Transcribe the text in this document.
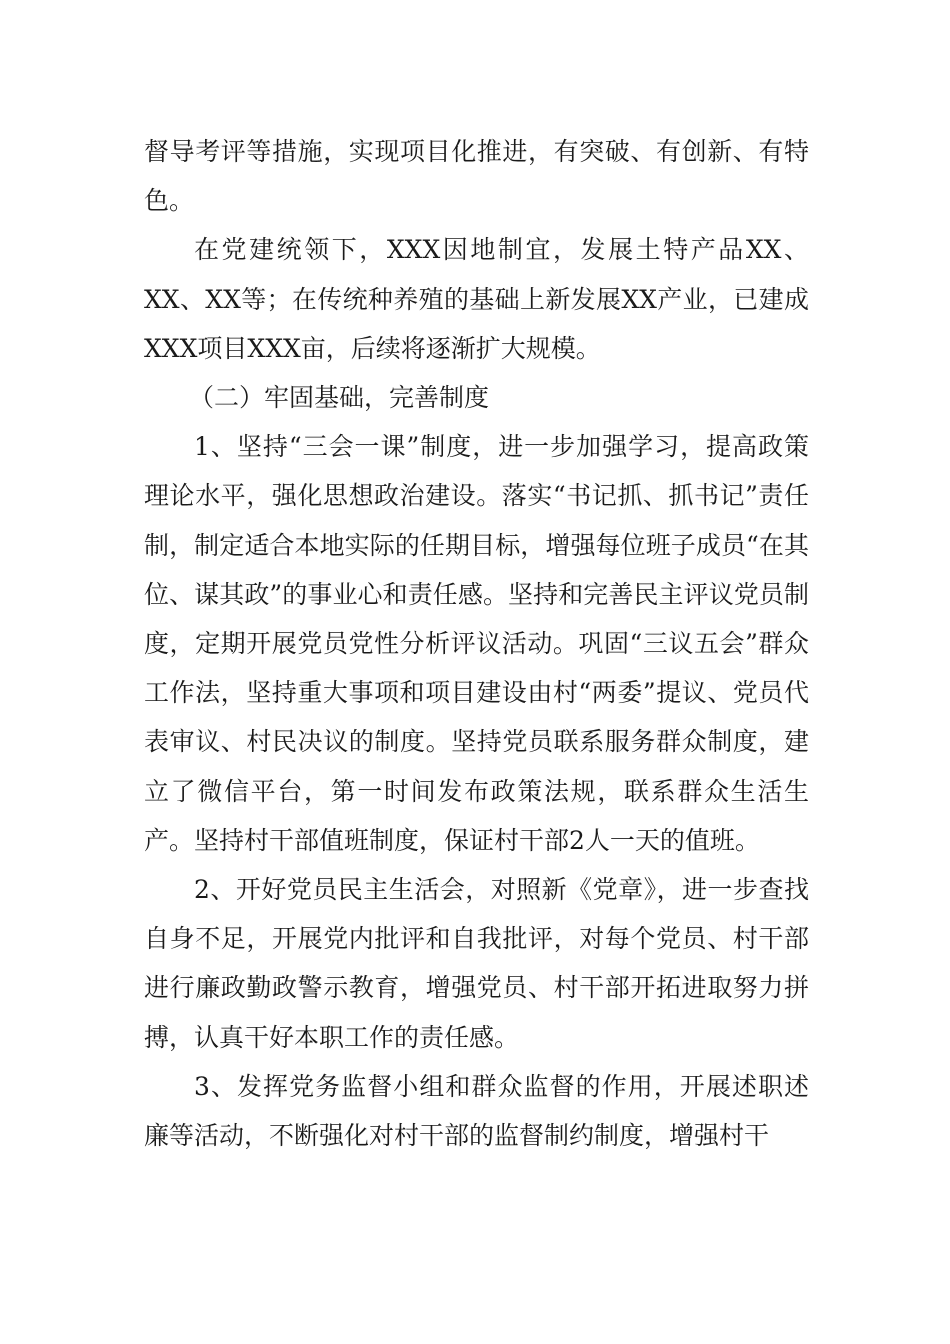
督导考评等措施，实现项目化推进，有突破、有创新、有特色。

在党建统领下，XXX因地制宜，发展土特产品XX、XX、XX等；在传统种养殖的基础上新发展XX产业，已建成XXX项目XXX亩，后续将逐渐扩大规模。

（二）牢固基础，完善制度

1、坚持“三会一课”制度，进一步加强学习，提高政策理论水平，强化思想政治建设。落实“书记抓、抓书记”责任制，制定适合本地实际的任期目标，增强每位班子成员“在其位、谋其政”的事业心和责任感。坚持和完善民主评议党员制度，定期开展党员党性分析评议活动。巩固“三议五会”群众工作法，坚持重大事项和项目建设由村“两委”提议、党员代表审议、村民决议的制度。坚持党员联系服务群众制度，建立了微信平台，第一时间发布政策法规，联系群众生活生产。坚持村干部值班制度，保证村干部2人一天的值班。

2、开好党员民主生活会，对照新《党章》，进一步查找自身不足，开展党内批评和自我批评，对每个党员、村干部进行廉政勤政警示教育，增强党员、村干部开拓进取努力拼搏，认真干好本职工作的责任感。

3、发挥党务监督小组和群众监督的作用，开展述职述廉等活动，不断强化对村干部的监督制约制度，增强村干
